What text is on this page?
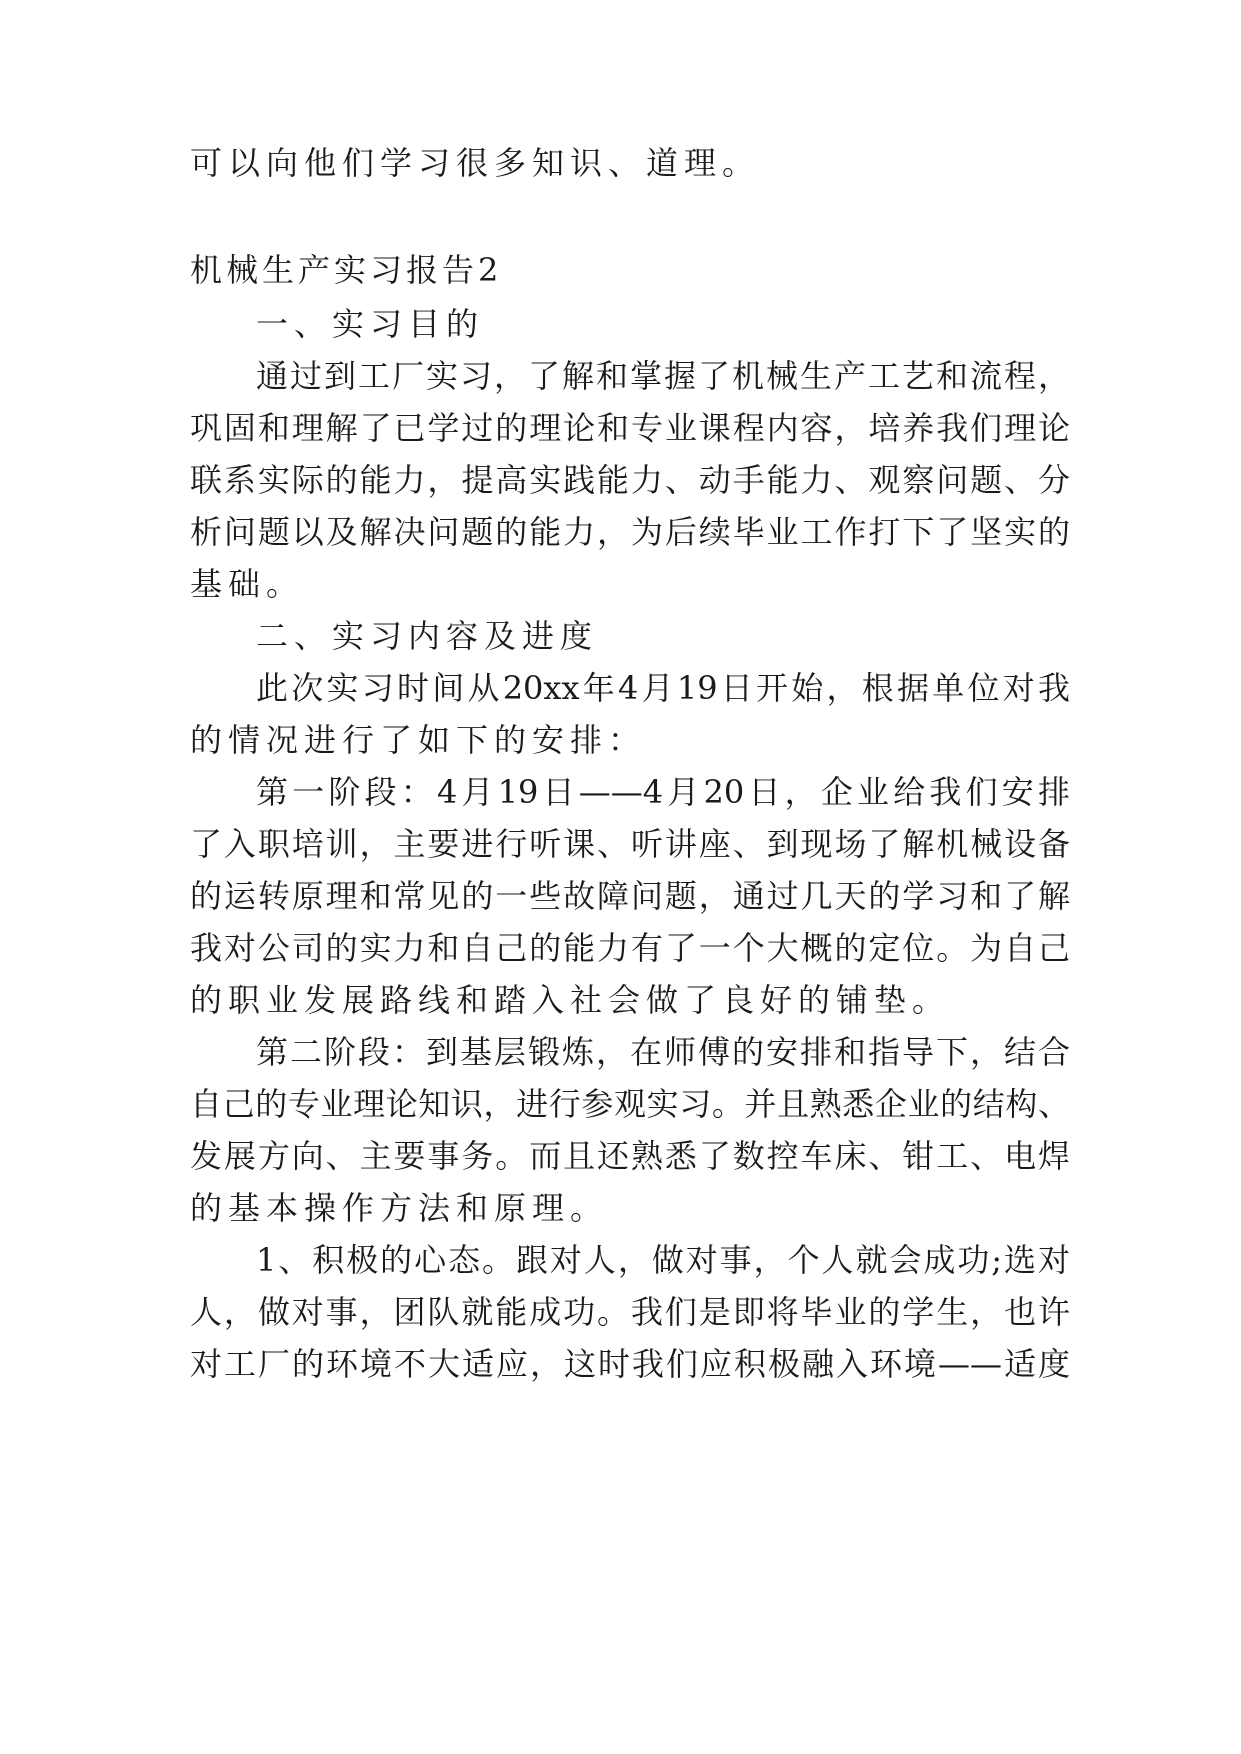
可以向他们学习很多知识、道理。
机械生产实习报告2
一、实习目的
通过到工厂实习，了解和掌握了机械生产工艺和流程，
巩固和理解了已学过的理论和专业课程内容，培养我们理论
联系实际的能力，提高实践能力、动手能力、观察问题、分
析问题以及解决问题的能力，为后续毕业工作打下了坚实的
基础。
二、实习内容及进度
此次实习时间从20xx年4月19日开始，根据单位对我
的情况进行了如下的安排：
第一阶段：4月19日——4月20日，企业给我们安排
了入职培训，主要进行听课、听讲座、到现场了解机械设备
的运转原理和常见的一些故障问题，通过几天的学习和了解
我对公司的实力和自己的能力有了一个大概的定位。为自己
的职业发展路线和踏入社会做了良好的铺垫。
第二阶段：到基层锻炼，在师傅的安排和指导下，结合
自己的专业理论知识，进行参观实习。并且熟悉企业的结构、
发展方向、主要事务。而且还熟悉了数控车床、钳工、电焊
的基本操作方法和原理。
1、积极的心态。跟对人，做对事，个人就会成功;选对
人，做对事，团队就能成功。我们是即将毕业的学生，也许
对工厂的环境不大适应，这时我们应积极融入环境——适度
